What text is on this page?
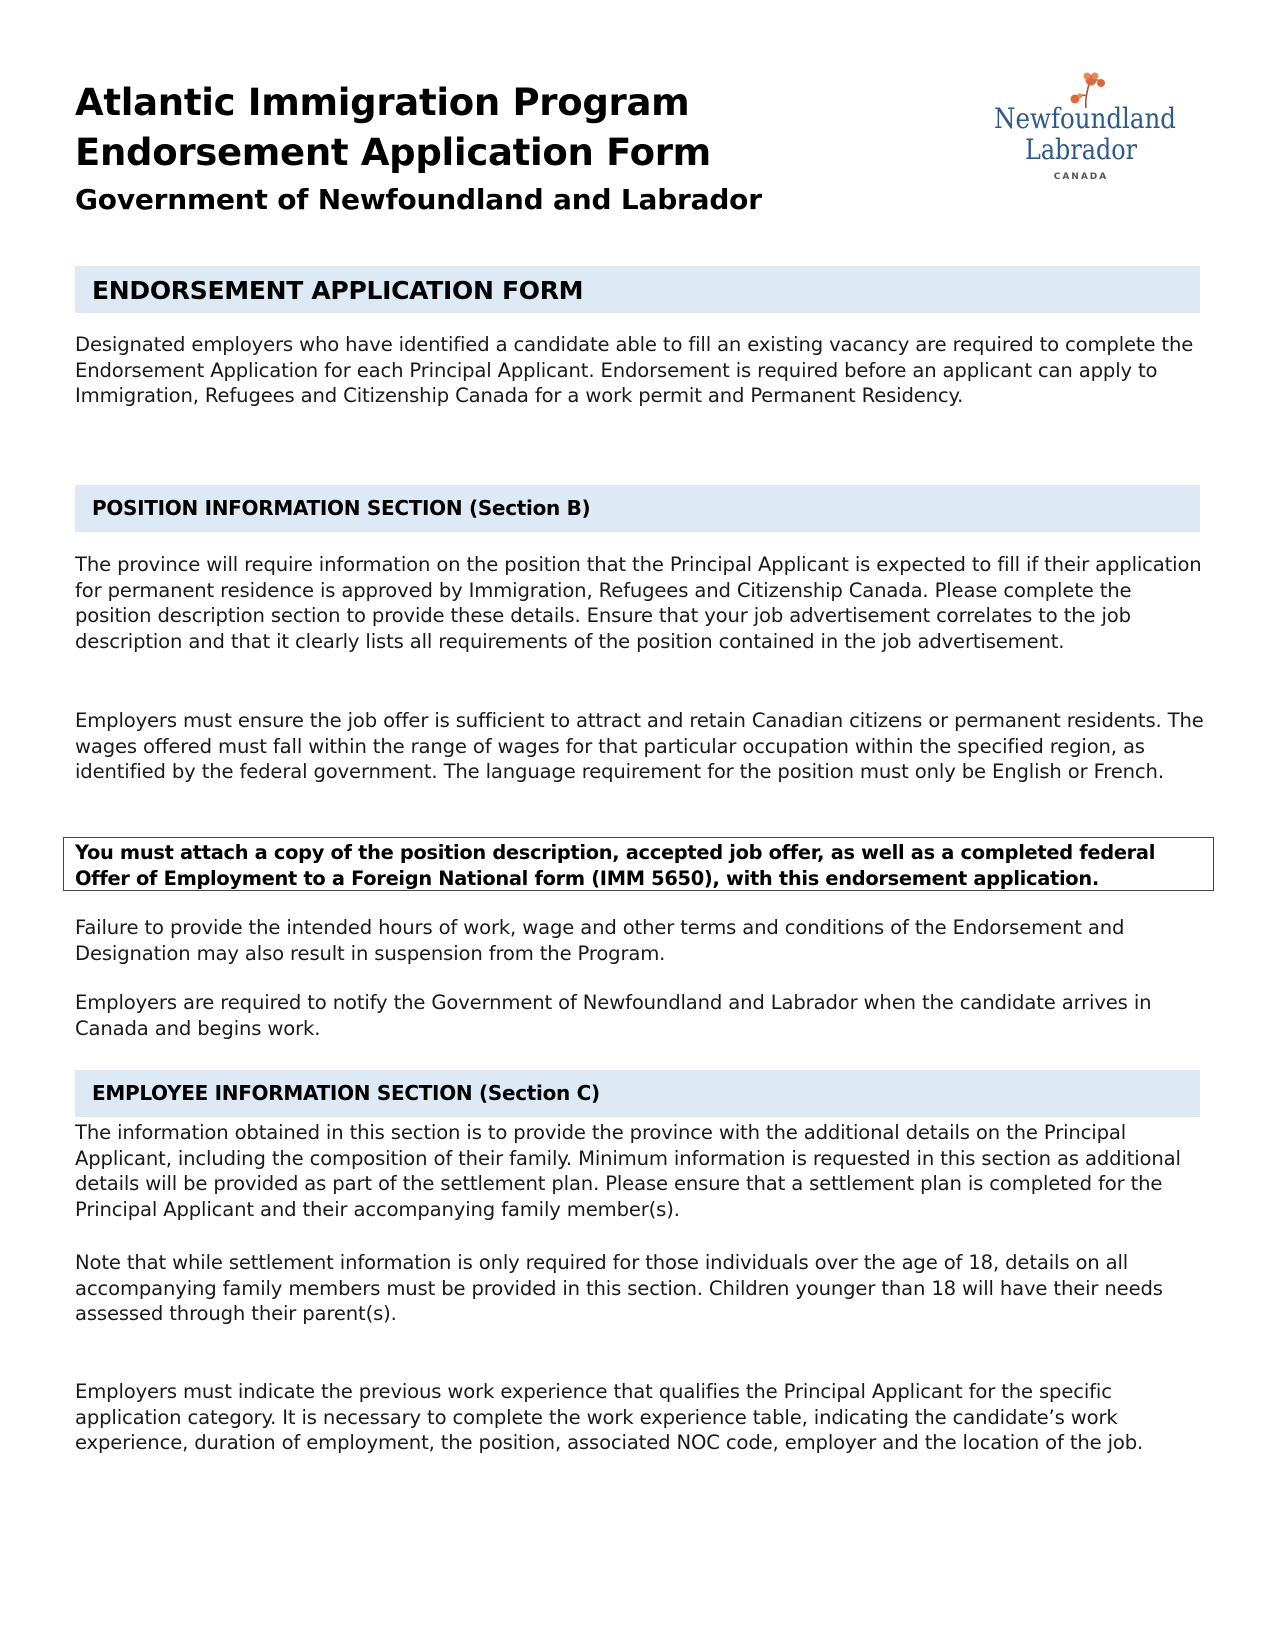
Atlantic Immigration Program

Endorsement Application Form

Government of Newfoundland and Labrador

Newfoundland
Labrador
CANADA
ENDORSEMENT APPLICATION FORM

Designated employers who have identified a candidate able to fill an existing vacancy are required to complete the Endorsement Application for each Principal Applicant. Endorsement is required before an applicant can apply to Immigration, Refugees and Citizenship Canada for a work permit and Permanent Residency.

POSITION INFORMATION SECTION (Section B)

The province will require information on the position that the Principal Applicant is expected to fill if their application for permanent residence is approved by Immigration, Refugees and Citizenship Canada. Please complete the position description section to provide these details. Ensure that your job advertisement correlates to the job description and that it clearly lists all requirements of the position contained in the job advertisement.

Employers must ensure the job offer is sufficient to attract and retain Canadian citizens or permanent residents. The wages offered must fall within the range of wages for that particular occupation within the specified region, as identified by the federal government. The language requirement for the position must only be English or French.

You must attach a copy of the position description, accepted job offer, as well as a completed federal Offer of Employment to a Foreign National form (IMM 5650), with this endorsement application.

Failure to provide the intended hours of work, wage and other terms and conditions of the Endorsement and Designation may also result in suspension from the Program.

Employers are required to notify the Government of Newfoundland and Labrador when the candidate arrives in Canada and begins work.

EMPLOYEE INFORMATION SECTION (Section C)

The information obtained in this section is to provide the province with the additional details on the Principal Applicant, including the composition of their family. Minimum information is requested in this section as additional details will be provided as part of the settlement plan. Please ensure that a settlement plan is completed for the Principal Applicant and their accompanying family member(s).

Note that while settlement information is only required for those individuals over the age of 18, details on all accompanying family members must be provided in this section. Children younger than 18 will have their needs assessed through their parent(s).

Employers must indicate the previous work experience that qualifies the Principal Applicant for the specific application category. It is necessary to complete the work experience table, indicating the candidate’s work experience, duration of employment, the position, associated NOC code, employer and the location of the job.
